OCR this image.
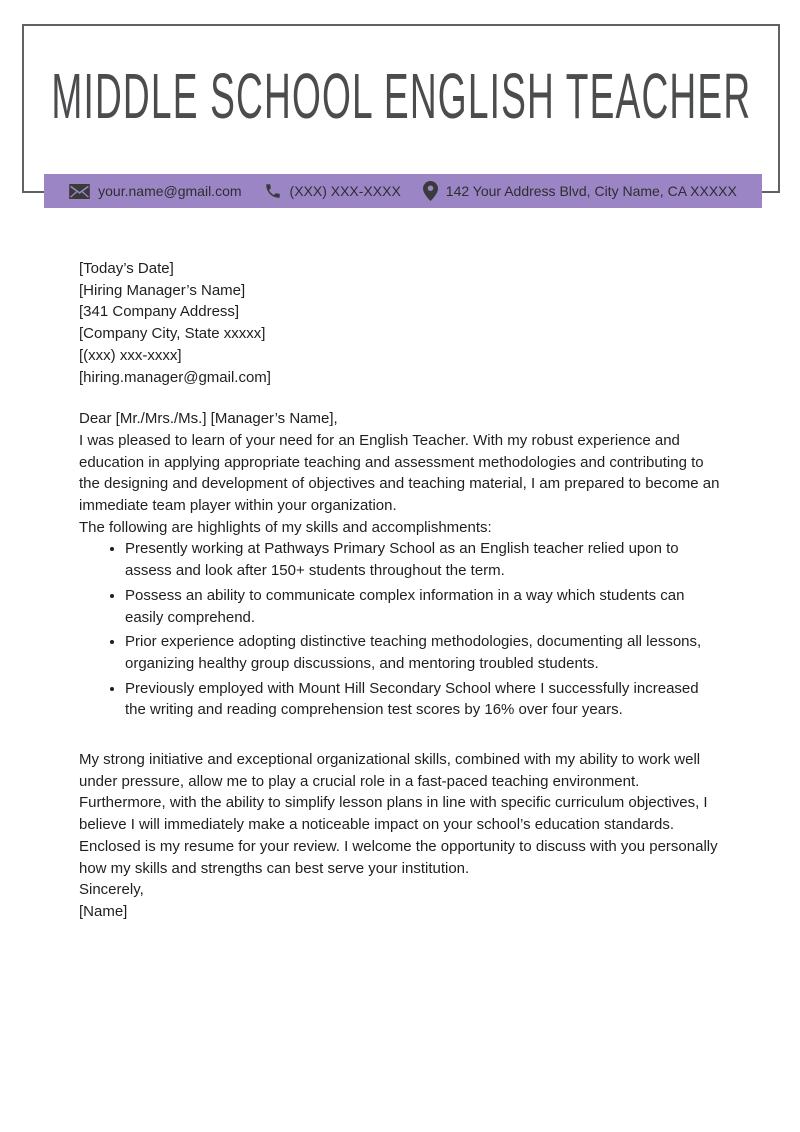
MIDDLE SCHOOL ENGLISH TEACHER
your.name@gmail.com	(XXX) XXX-XXXX	142 Your Address Blvd, City Name, CA XXXXX

[Today’s Date]

[Hiring Manager’s Name]

[341 Company Address]

[Company City, State xxxxx]

[(xxx) xxx-xxxx]

[hiring.manager@gmail.com]

Dear [Mr./Mrs./Ms.] [Manager’s Name],

I was pleased to learn of your need for an English Teacher. With my robust experience and education in applying appropriate teaching and assessment methodologies and contributing to the designing and development of objectives and teaching material, I am prepared to become an immediate team player within your organization.

The following are highlights of my skills and accomplishments:

• Presently working at Pathways Primary School as an English teacher relied upon to assess and look after 150+ students throughout the term.
• Possess an ability to communicate complex information in a way which students can easily comprehend.
• Prior experience adopting distinctive teaching methodologies, documenting all lessons, organizing healthy group discussions, and mentoring troubled students.
• Previously employed with Mount Hill Secondary School where I successfully increased the writing and reading comprehension test scores by 16% over four years.

My strong initiative and exceptional organizational skills, combined with my ability to work well under pressure, allow me to play a crucial role in a fast-paced teaching environment. Furthermore, with the ability to simplify lesson plans in line with specific curriculum objectives, I believe I will immediately make a noticeable impact on your school’s education standards.

Enclosed is my resume for your review. I welcome the opportunity to discuss with you personally how my skills and strengths can best serve your institution.

Sincerely,

[Name]
